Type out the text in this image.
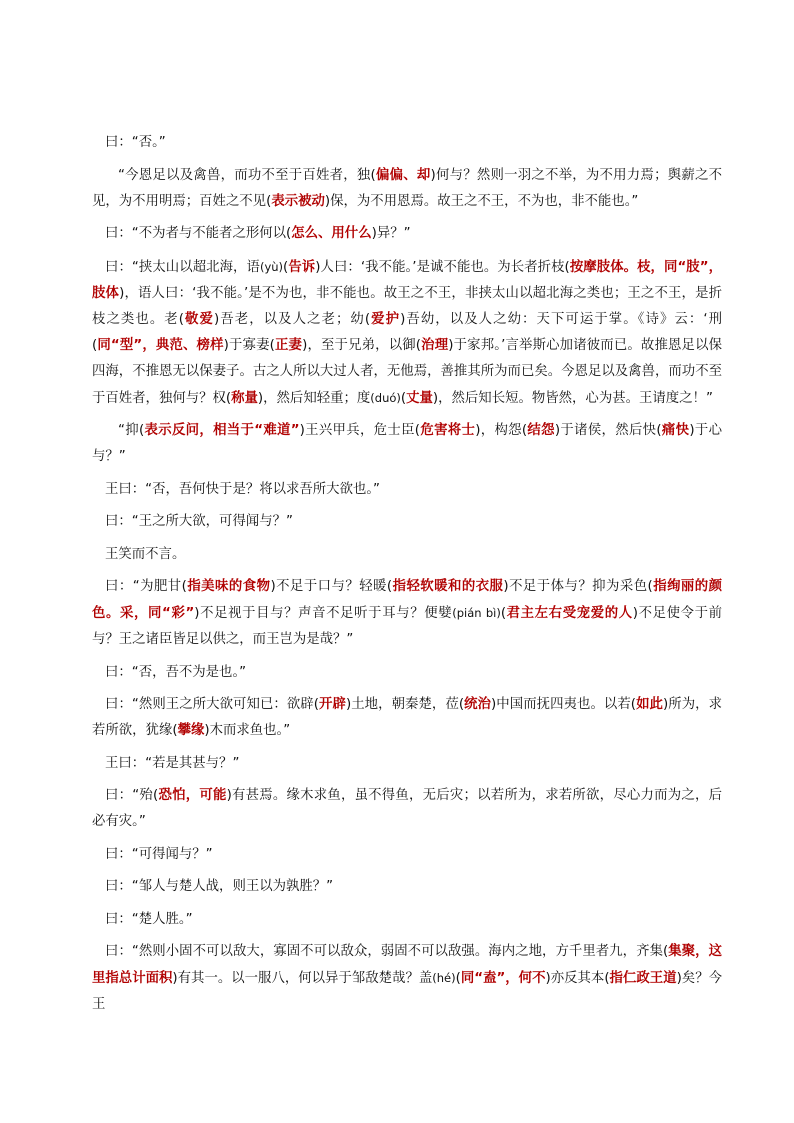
曰：“否。”

“今恩足以及禽兽，而功不至于百姓者，独(偏偏、却)何与？然则一羽之不举，为不用力焉；舆薪之不见，为不用明焉；百姓之不见(表示被动)保，为不用恩焉。故王之不王，不为也，非不能也。”

曰：“不为者与不能者之形何以(怎么、用什么)异？”

曰：“挟太山以超北海，语(yù)(告诉)人曰：‘我不能。’是诚不能也。为长者折枝(按摩肢体。枝，同“肢”，肢体)，语人曰：‘我不能。’是不为也，非不能也。故王之不王，非挟太山以超北海之类也；王之不王，是折枝之类也。老(敬爱)吾老，以及人之老；幼(爱护)吾幼，以及人之幼：天下可运于掌。《诗》云：‘刑(同“型”，典范、榜样)于寡妻(正妻)，至于兄弟，以御(治理)于家邦。’言举斯心加诸彼而已。故推恩足以保四海，不推恩无以保妻子。古之人所以大过人者，无他焉，善推其所为而已矣。今恩足以及禽兽，而功不至于百姓者，独何与？权(称量)，然后知轻重；度(duó)(丈量)，然后知长短。物皆然，心为甚。王请度之！”

“抑(表示反问，相当于“难道”)王兴甲兵，危士臣(危害将士)，构怨(结怨)于诸侯，然后快(痛快)于心与？”

王曰：“否，吾何快于是？将以求吾所大欲也。”

曰：“王之所大欲，可得闻与？”

王笑而不言。

曰：“为肥甘(指美味的食物)不足于口与？轻暖(指轻软暖和的衣服)不足于体与？抑为采色(指绚丽的颜色。采，同“彩”)不足视于目与？声音不足听于耳与？便嬖(pián bì)(君主左右受宠爱的人)不足使令于前与？王之诸臣皆足以供之，而王岂为是哉？”

曰：“否，吾不为是也。”

曰：“然则王之所大欲可知已：欲辟(开辟)土地，朝秦楚，莅(统治)中国而抚四夷也。以若(如此)所为，求若所欲，犹缘(攀缘)木而求鱼也。”

王曰：“若是其甚与？”

曰：“殆(恐怕，可能)有甚焉。缘木求鱼，虽不得鱼，无后灾；以若所为，求若所欲，尽心力而为之，后必有灾。”

曰：“可得闻与？”

曰：“邹人与楚人战，则王以为孰胜？”

曰：“楚人胜。”

曰：“然则小固不可以敌大，寡固不可以敌众，弱固不可以敌强。海内之地，方千里者九，齐集(集聚，这里指总计面积)有其一。以一服八，何以异于邹敌楚哉？盖(hé)(同“盍”，何不)亦反其本(指仁政王道)矣？今王
